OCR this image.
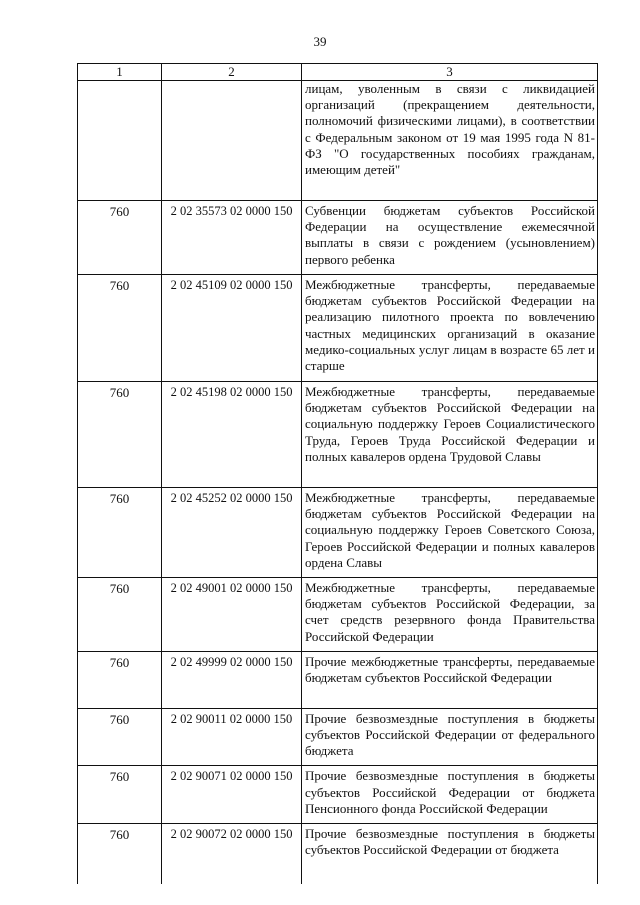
39
1	2	3
		лицам, уволенным в связи с ликвидацией организаций (прекращением деятельности, полномочий физическими лицами), в соответствии с Федеральным законом от 19 мая 1995 года N 81-ФЗ "О государственных пособиях гражданам, имеющим детей"
760	2 02 35573 02 0000 150	Субвенции бюджетам субъектов Российской Федерации на осуществление ежемесячной выплаты в связи с рождением (усыновлением) первого ребенка
760	2 02 45109 02 0000 150	Межбюджетные трансферты, передаваемые бюджетам субъектов Российской Федерации на реализацию пилотного проекта по вовлечению частных медицинских организаций в оказание медико-социальных услуг лицам в возрасте 65 лет и старше
760	2 02 45198 02 0000 150	Межбюджетные трансферты, передаваемые бюджетам субъектов Российской Федерации на социальную поддержку Героев Социалистического Труда, Героев Труда Российской Федерации и полных кавалеров ордена Трудовой Славы
760	2 02 45252 02 0000 150	Межбюджетные трансферты, передаваемые бюджетам субъектов Российской Федерации на социальную поддержку Героев Советского Союза, Героев Российской Федерации и полных кавалеров ордена Славы
760	2 02 49001 02 0000 150	Межбюджетные трансферты, передаваемые бюджетам субъектов Российской Федерации, за счет средств резервного фонда Правительства Российской Федерации
760	2 02 49999 02 0000 150	Прочие межбюджетные трансферты, передаваемые бюджетам субъектов Российской Федерации
760	2 02 90011 02 0000 150	Прочие безвозмездные поступления в бюджеты субъектов Российской Федерации от федерального бюджета
760	2 02 90071 02 0000 150	Прочие безвозмездные поступления в бюджеты субъектов Российской Федерации от бюджета Пенсионного фонда Российской Федерации
760	2 02 90072 02 0000 150	Прочие безвозмездные поступления в бюджеты субъектов Российской Федерации от бюджета
